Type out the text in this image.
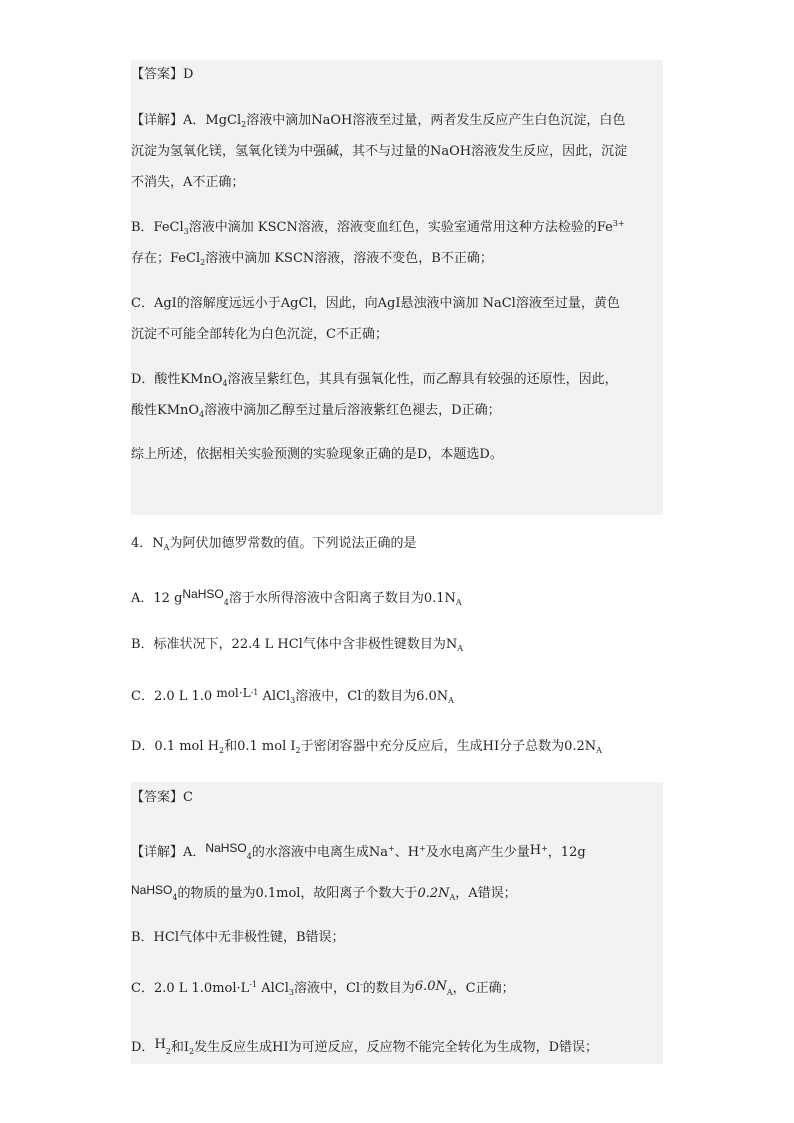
【答案】D
【详解】A．MgCl$_2$溶液中滴加NaOH溶液至过量，两者发生反应产生白色沉淀，白色
沉淀为氢氧化镁，氢氧化镁为中强碱，其不与过量的NaOH溶液发生反应，因此，沉淀
不消失，A不正确；
B．FeCl$_3$溶液中滴加 KSCN溶液，溶液变血红色，实验室通常用这种方法检验的$Fe^{3+}$
存在；FeCl$_2$溶液中滴加 KSCN溶液，溶液不变色，B不正确；
C．AgI的溶解度远远小于AgCl，因此，向AgI悬浊液中滴加 NaCl溶液至过量，黄色
沉淀不可能全部转化为白色沉淀，C不正确；
D．酸性KMnO$_4$溶液呈紫红色，其具有强氧化性，而乙醇具有较强的还原性，因此，
酸性KMnO$_4$溶液中滴加乙醇至过量后溶液紫红色褪去，D正确；
综上所述，依据相关实验预测的实验现象正确的是D，本题选D。
4．$N_A$为阿伏加德罗常数的值。下列说法正确的是
A．12 gNaHSO$_4$溶于水所得溶液中含阳离子数目为$0.1N_A$
B．标准状况下，22.4 L HCl气体中含非极性键数目为$N_A$
C．2.0 L 1.0 $mol\cdot L^{-1}$ AlCl$_3$溶液中，Cl-的数目为$6.0N_A$
D．0.1 mol $H_2$和0.1 mol $I_2$于密闭容器中充分反应后，生成HI分子总数为$0.2N_A$
【答案】C
【详解】A．NaHSO$_4$的水溶液中电离生成Na+、H+及水电离产生少量H+，12g
NaHSO$_4$的物质的量为0.1mol，故阳离子个数大于$0.2N_A$，A错误；
B．HCl气体中无非极性键，B错误；
C．2.0 L $1.0mol\cdot L^{-1}$ AlCl$_3$溶液中，Cl-的数目为$6.0N_A$，C正确；
D．$H_2$和$I_2$发生反应生成HI为可逆反应，反应物不能完全转化为生成物，D错误；
